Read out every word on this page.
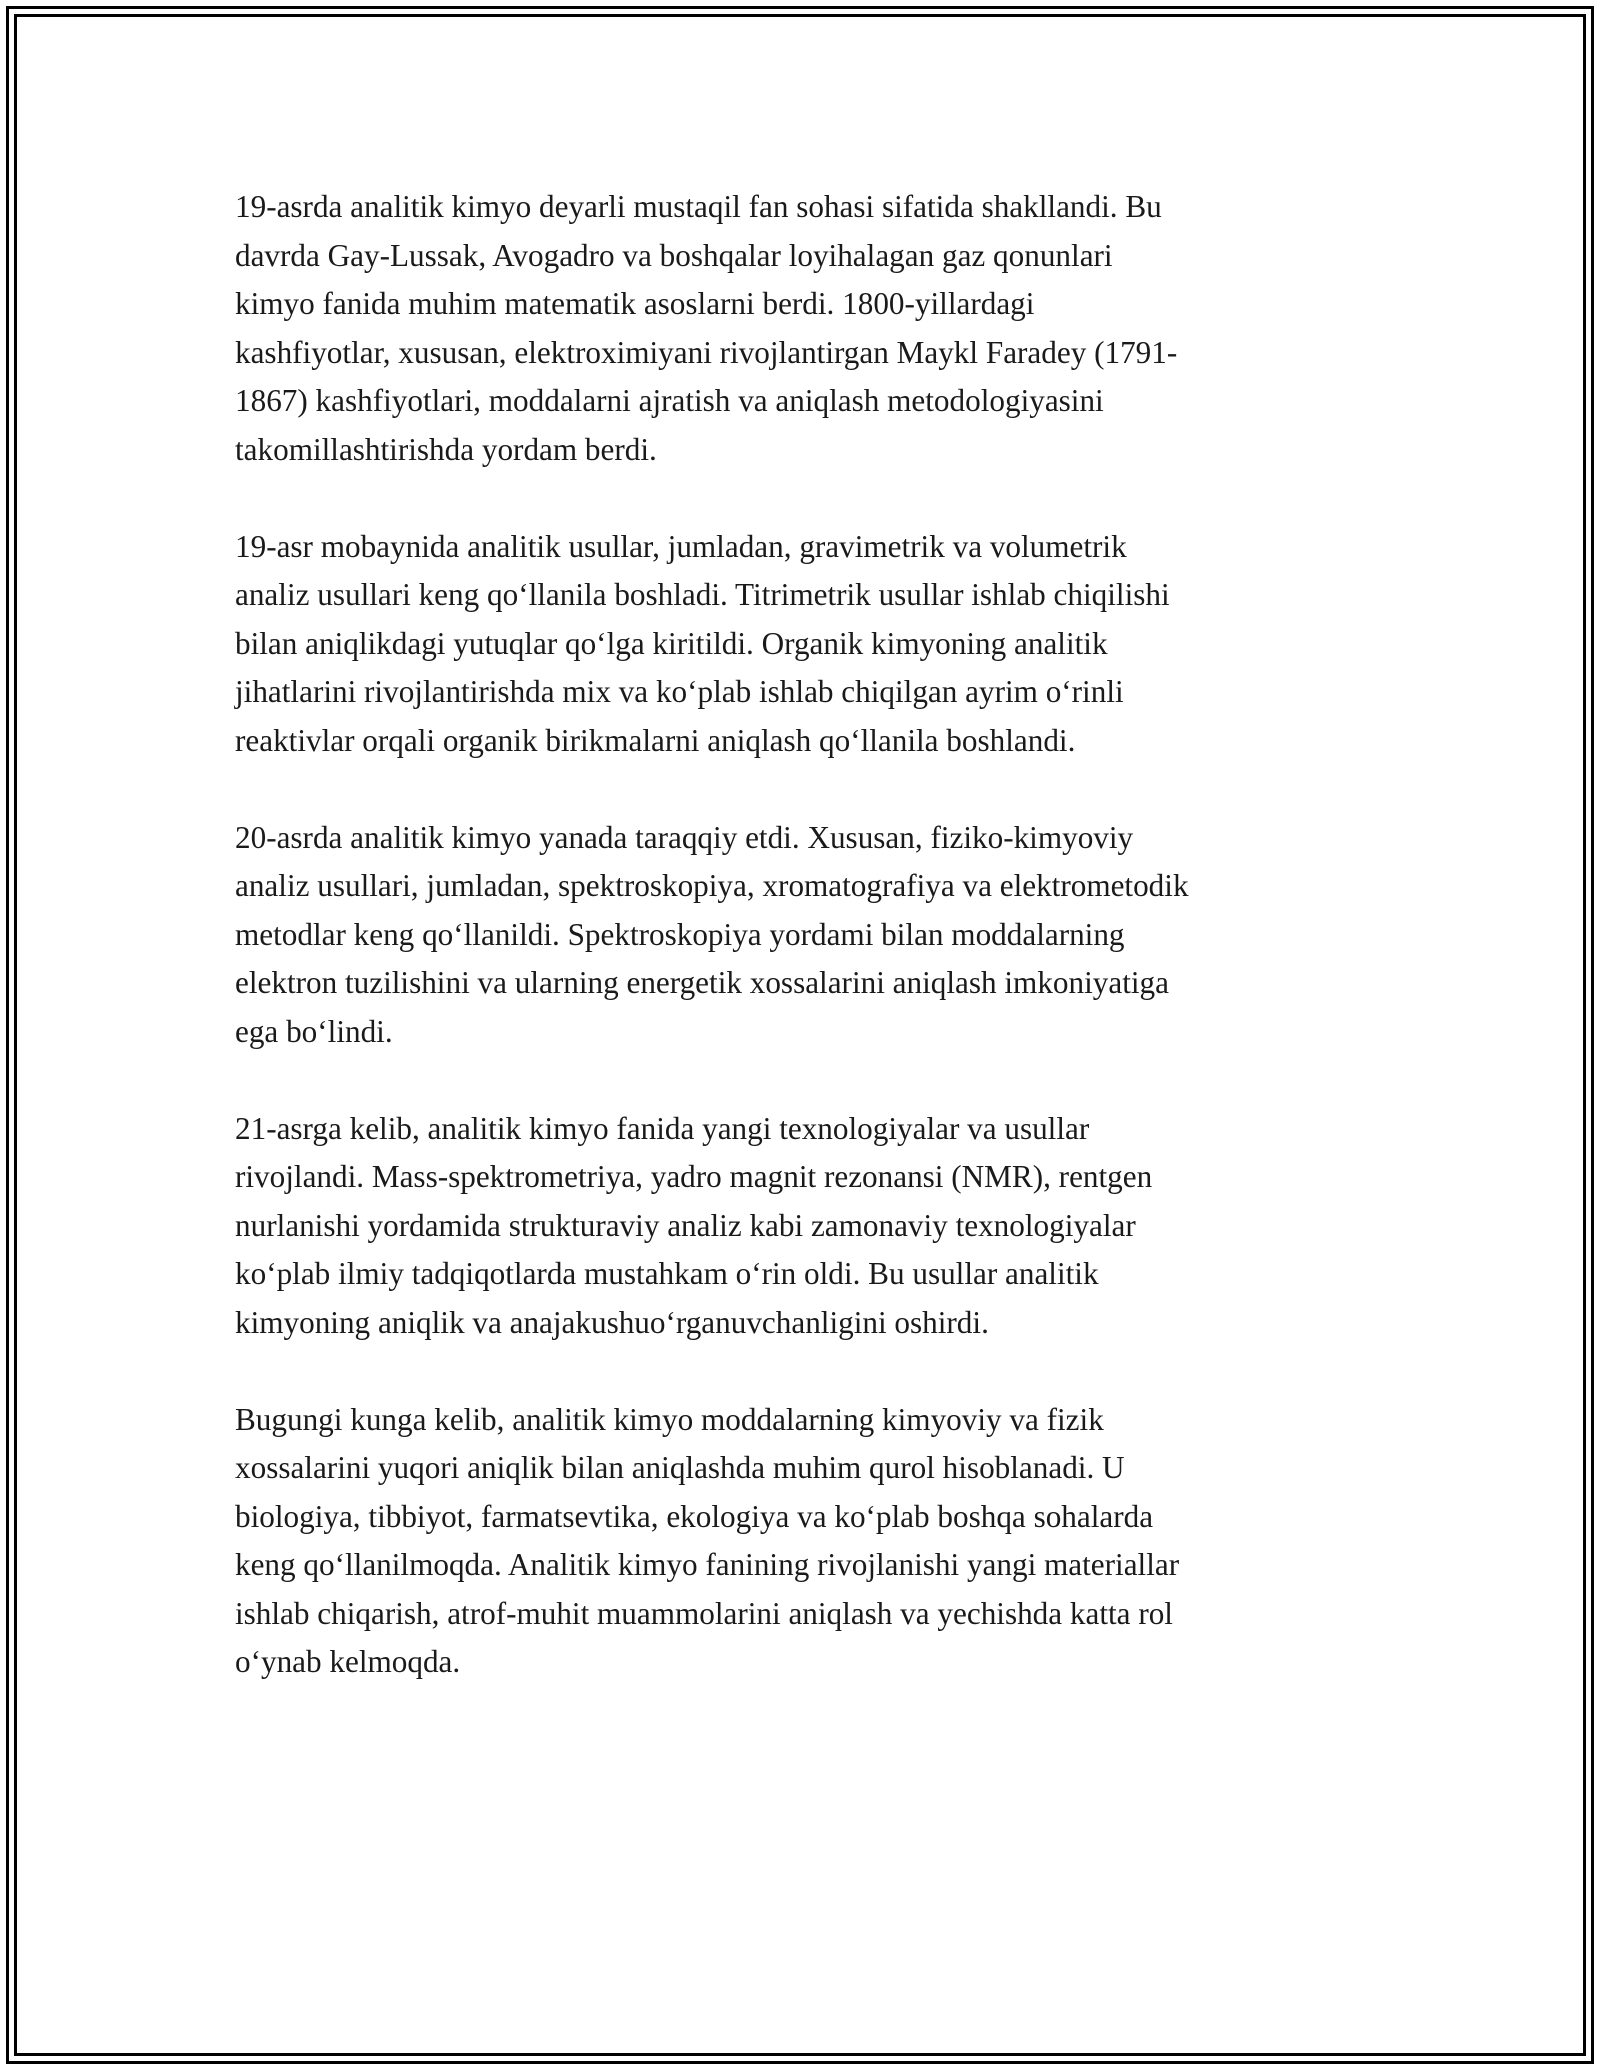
19-asrda analitik kimyo deyarli mustaqil fan sohasi sifatida shakllandi. Bu
davrda Gay-Lussak, Avogadro va boshqalar loyihalagan gaz qonunlari
kimyo fanida muhim matematik asoslarni berdi. 1800-yillardagi
kashfiyotlar, xususan, elektroximiyani rivojlantirgan Maykl Faradey (1791-
1867) kashfiyotlari, moddalarni ajratish va aniqlash metodologiyasini
takomillashtirishda yordam berdi.

19-asr mobaynida analitik usullar, jumladan, gravimetrik va volumetrik
analiz usullari keng qo‘llanila boshladi. Titrimetrik usullar ishlab chiqilishi
bilan aniqlikdagi yutuqlar qo‘lga kiritildi. Organik kimyoning analitik
jihatlarini rivojlantirishda mix va ko‘plab ishlab chiqilgan ayrim o‘rinli
reaktivlar orqali organik birikmalarni aniqlash qo‘llanila boshlandi.

20-asrda analitik kimyo yanada taraqqiy etdi. Xususan, fiziko-kimyoviy
analiz usullari, jumladan, spektroskopiya, xromatografiya va elektrometodik
metodlar keng qo‘llanildi. Spektroskopiya yordami bilan moddalarning
elektron tuzilishini va ularning energetik xossalarini aniqlash imkoniyatiga
ega bo‘lindi.

21-asrga kelib, analitik kimyo fanida yangi texnologiyalar va usullar
rivojlandi. Mass-spektrometriya, yadro magnit rezonansi (NMR), rentgen
nurlanishi yordamida strukturaviy analiz kabi zamonaviy texnologiyalar
ko‘plab ilmiy tadqiqotlarda mustahkam o‘rin oldi. Bu usullar analitik
kimyoning aniqlik va anajakushuo‘rganuvchanligini oshirdi.

Bugungi kunga kelib, analitik kimyo moddalarning kimyoviy va fizik
xossalarini yuqori aniqlik bilan aniqlashda muhim qurol hisoblanadi. U
biologiya, tibbiyot, farmatsevtika, ekologiya va ko‘plab boshqa sohalarda
keng qo‘llanilmoqda. Analitik kimyo fanining rivojlanishi yangi materiallar
ishlab chiqarish, atrof-muhit muammolarini aniqlash va yechishda katta rol
o‘ynab kelmoqda.
